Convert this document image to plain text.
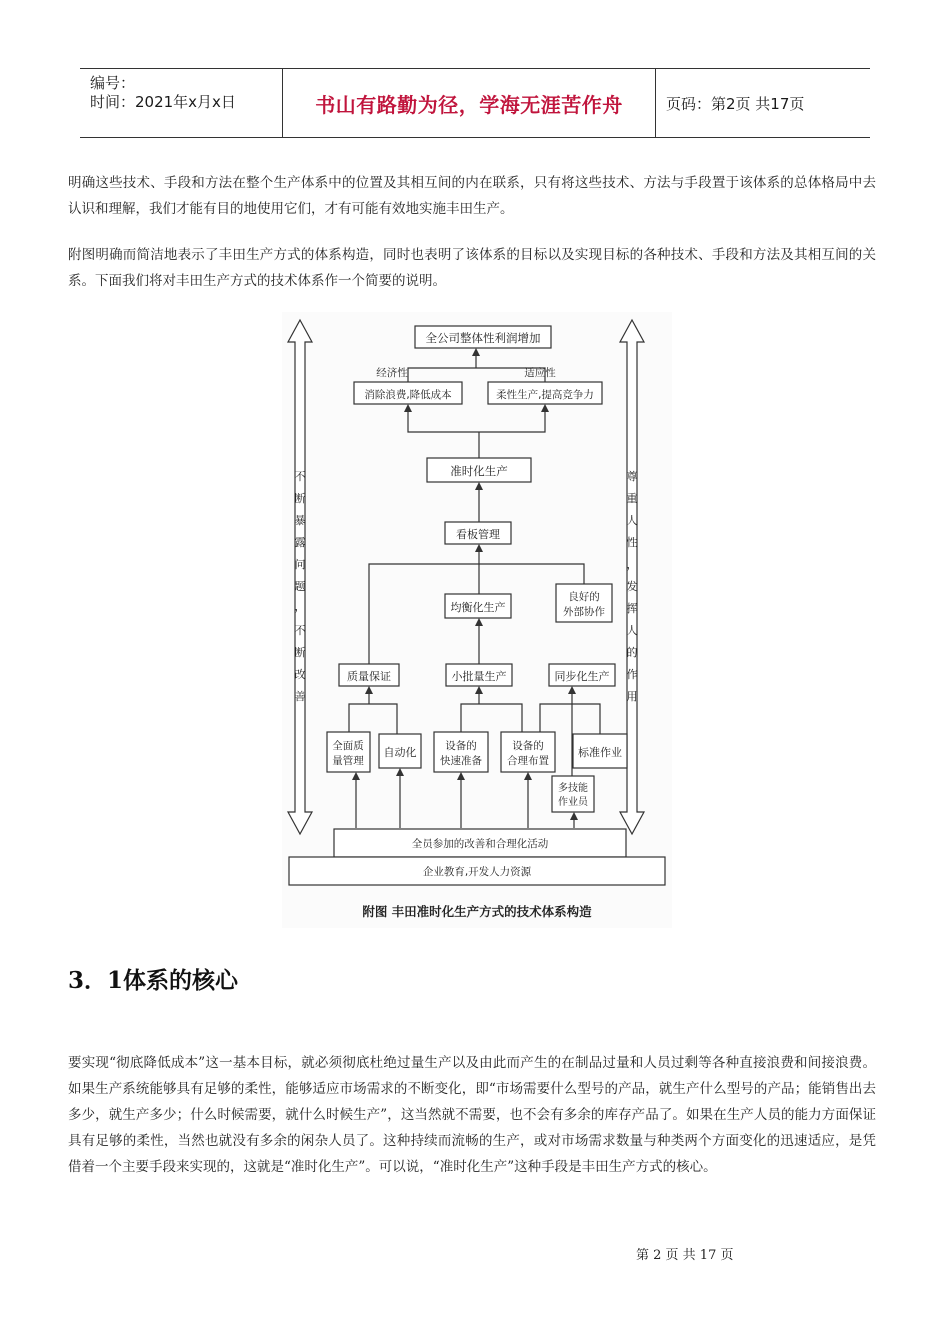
编号：
时间：2021年x月x日	书山有路勤为径，学海无涯苦作舟	页码：第2页 共17页
明确这些技术、手段和方法在整个生产体系中的位置及其相互间的内在联系，只有将这些技术、方法与手段置于该体系的总体格局中去认识和理解，我们才能有目的地使用它们，才有可能有效地实施丰田生产。
附图明确而简洁地表示了丰田生产方式的体系构造，同时也表明了该体系的目标以及实现目标的各种技术、手段和方法及其相互间的关系。下面我们将对丰田生产方式的技术体系作一个简要的说明。
全公司整体性利润增加
经济性	适应性
消除浪费,降低成本	柔性生产,提高竞争力
准时化生产
看板管理
均衡化生产
良好的
外部协作
质量保证	小批量生产	同步化生产
全面质
量管理
自动化	设备的
快速准备
设备的
合理布置
标准作业
多技能
作业员
全员参加的改善和合理化活动
企业教育,开发人力资源
不
断
暴
露
问
题
，
不
断
改
善
尊
重
人
性
，
发
挥
人
的
作
用
附图 丰田准时化生产方式的技术体系构造
3．1体系的核心
要实现“彻底降低成本”这一基本目标，就必须彻底杜绝过量生产以及由此而产生的在制品过量和人员过剩等各种直接浪费和间接浪费。如果生产系统能够具有足够的柔性，能够适应市场需求的不断变化，即“市场需要什么型号的产品，就生产什么型号的产品；能销售出去多少，就生产多少；什么时候需要，就什么时候生产”，这当然就不需要，也不会有多余的库存产品了。如果在生产人员的能力方面保证具有足够的柔性，当然也就没有多余的闲杂人员了。这种持续而流畅的生产，或对市场需求数量与种类两个方面变化的迅速适应，是凭借着一个主要手段来实现的，这就是“准时化生产”。可以说，“准时化生产”这种手段是丰田生产方式的核心。
第 2 页 共 17 页
